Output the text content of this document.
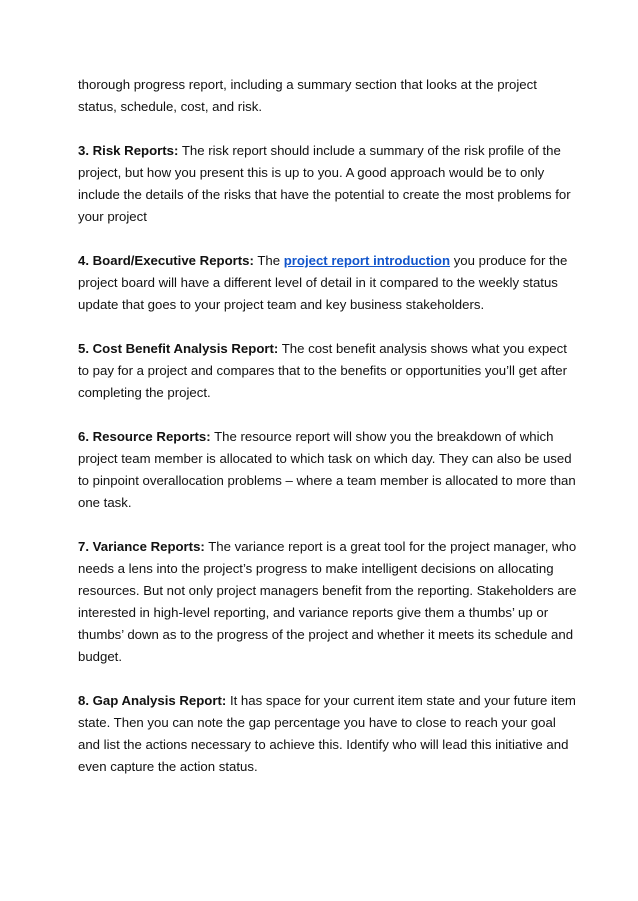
thorough progress report, including a summary section that looks at the project status, schedule, cost, and risk.

3. Risk Reports: The risk report should include a summary of the risk profile of the project, but how you present this is up to you. A good approach would be to only include the details of the risks that have the potential to create the most problems for your project

4. Board/Executive Reports: The project report introduction you produce for the project board will have a different level of detail in it compared to the weekly status update that goes to your project team and key business stakeholders.

5. Cost Benefit Analysis Report: The cost benefit analysis shows what you expect to pay for a project and compares that to the benefits or opportunities you’ll get after completing the project.

6. Resource Reports: The resource report will show you the breakdown of which project team member is allocated to which task on which day. They can also be used to pinpoint overallocation problems – where a team member is allocated to more than one task.

7. Variance Reports: The variance report is a great tool for the project manager, who needs a lens into the project’s progress to make intelligent decisions on allocating resources. But not only project managers benefit from the reporting. Stakeholders are interested in high-level reporting, and variance reports give them a thumbs’ up or thumbs’ down as to the progress of the project and whether it meets its schedule and budget.

8. Gap Analysis Report: It has space for your current item state and your future item state. Then you can note the gap percentage you have to close to reach your goal and list the actions necessary to achieve this. Identify who will lead this initiative and even capture the action status.
